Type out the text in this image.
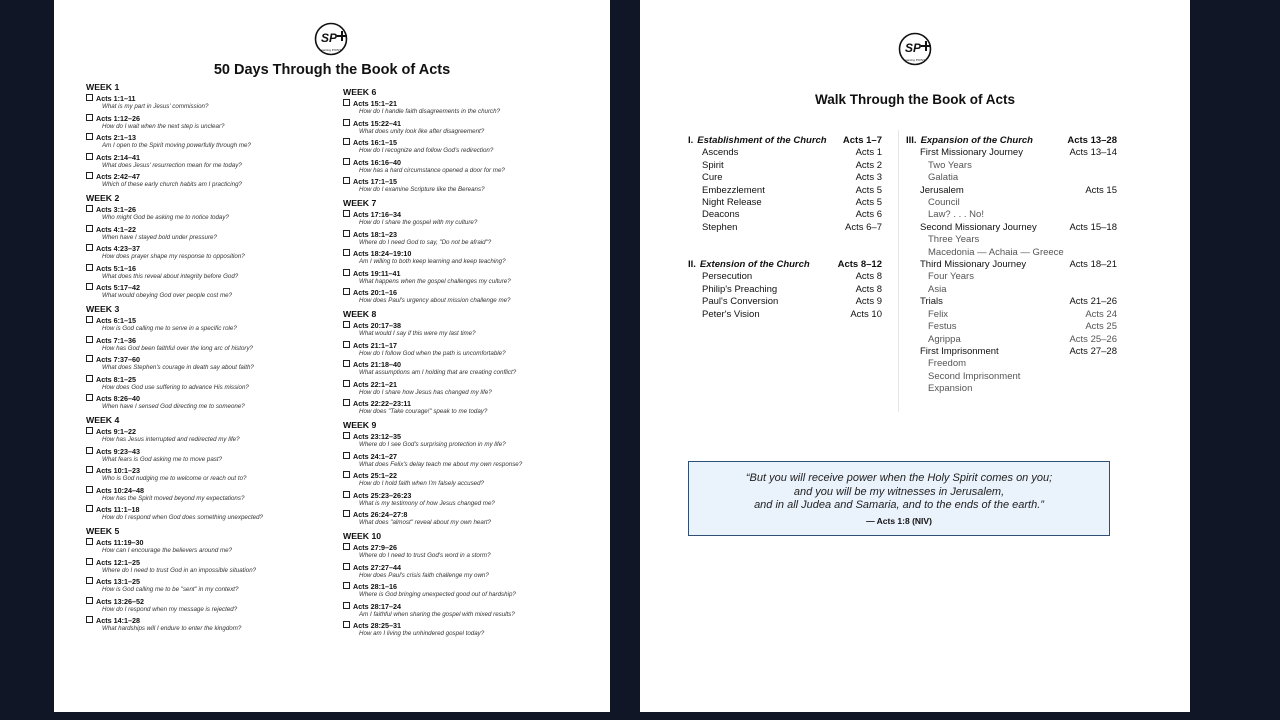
SP
starting POINT
50 Days Through the Book of Acts
WEEK 1
Acts 1:1–11
What is my part in Jesus' commission?
Acts 1:12–26
How do I wait when the next step is unclear?
Acts 2:1–13
Am I open to the Spirit moving powerfully through me?
Acts 2:14–41
What does Jesus' resurrection mean for me today?
Acts 2:42–47
Which of these early church habits am I practicing?
WEEK 2
Acts 3:1–26
Who might God be asking me to notice today?
Acts 4:1–22
When have I stayed bold under pressure?
Acts 4:23–37
How does prayer shape my response to opposition?
Acts 5:1–16
What does this reveal about integrity before God?
Acts 5:17–42
What would obeying God over people cost me?
WEEK 3
Acts 6:1–15
How is God calling me to serve in a specific role?
Acts 7:1–36
How has God been faithful over the long arc of history?
Acts 7:37–60
What does Stephen's courage in death say about faith?
Acts 8:1–25
How does God use suffering to advance His mission?
Acts 8:26–40
When have I sensed God directing me to someone?
WEEK 4
Acts 9:1–22
How has Jesus interrupted and redirected my life?
Acts 9:23–43
What fears is God asking me to move past?
Acts 10:1–23
Who is God nudging me to welcome or reach out to?
Acts 10:24–48
How has the Spirit moved beyond my expectations?
Acts 11:1–18
How do I respond when God does something unexpected?
WEEK 5
Acts 11:19–30
How can I encourage the believers around me?
Acts 12:1–25
Where do I need to trust God in an impossible situation?
Acts 13:1–25
How is God calling me to be "sent" in my context?
Acts 13:26–52
How do I respond when my message is rejected?
Acts 14:1–28
What hardships will I endure to enter the kingdom?
WEEK 6
Acts 15:1–21
How do I handle faith disagreements in the church?
Acts 15:22–41
What does unity look like after disagreement?
Acts 16:1–15
How do I recognize and follow God's redirection?
Acts 16:16–40
How has a hard circumstance opened a door for me?
Acts 17:1–15
How do I examine Scripture like the Bereans?
WEEK 7
Acts 17:16–34
How do I share the gospel with my culture?
Acts 18:1–23
Where do I need God to say, "Do not be afraid"?
Acts 18:24–19:10
Am I willing to both keep learning and keep teaching?
Acts 19:11–41
What happens when the gospel challenges my culture?
Acts 20:1–16
How does Paul's urgency about mission challenge me?
WEEK 8
Acts 20:17–38
What would I say if this were my last time?
Acts 21:1–17
How do I follow God when the path is uncomfortable?
Acts 21:18–40
What assumptions am I holding that are creating conflict?
Acts 22:1–21
How do I share how Jesus has changed my life?
Acts 22:22–23:11
How does "Take courage!" speak to me today?
WEEK 9
Acts 23:12–35
Where do I see God's surprising protection in my life?
Acts 24:1–27
What does Felix's delay teach me about my own response?
Acts 25:1–22
How do I hold faith when I'm falsely accused?
Acts 25:23–26:23
What is my testimony of how Jesus changed me?
Acts 26:24–27:8
What does "almost" reveal about my own heart?
WEEK 10
Acts 27:9–26
Where do I need to trust God's word in a storm?
Acts 27:27–44
How does Paul's crisis faith challenge my own?
Acts 28:1–16
Where is God bringing unexpected good out of hardship?
Acts 28:17–24
Am I faithful when sharing the gospel with mixed results?
Acts 28:25–31
How am I living the unhindered gospel today?
SP
starting POINT
Walk Through the Book of Acts
I. Establishment of the Church Acts 1–7
Ascends	Acts 1
Spirit	Acts 2
Cure	Acts 3
Embezzlement	Acts 5
Night Release	Acts 5
Deacons	Acts 6
Stephen	Acts 6–7
II. Extension of the Church	Acts 8–12
Persecution	Acts 8
Philip's Preaching	Acts 8
Paul's Conversion	Acts 9
Peter's Vision	Acts 10
III. Expansion of the Church	Acts 13–28
First Missionary Journey	Acts 13–14
Two Years
Galatia
Jerusalem	Acts 15
Council
Law? . . . No!
Second Missionary Journey	Acts 15–18
Three Years
Macedonia — Achaia — Greece
Third Missionary Journey	Acts 18–21
Four Years
Asia
Trials	Acts 21–26
Felix	Acts 24
Festus	Acts 25
Agrippa	Acts 25–26
First Imprisonment	Acts 27–28
Freedom
Second Imprisonment
Expansion
“But you will receive power when the Holy Spirit comes on you;
and you will be my witnesses in Jerusalem,
and in all Judea and Samaria, and to the ends of the earth.”
— Acts 1:8 (NIV)
